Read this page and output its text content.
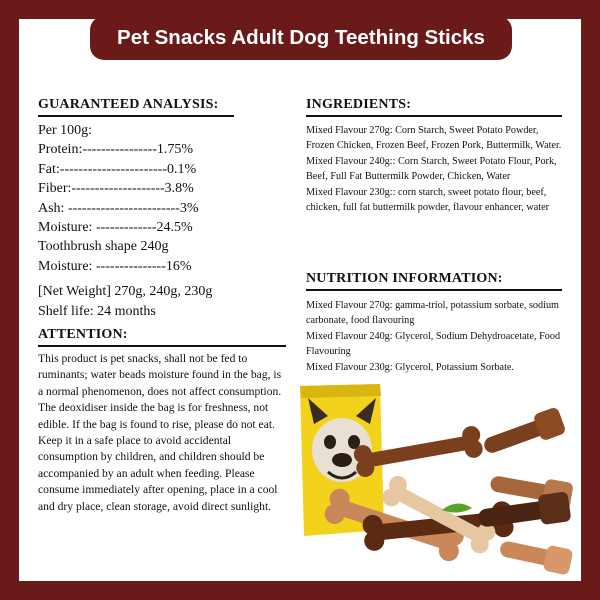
Pet Snacks Adult Dog Teething Sticks
GUARANTEED ANALYSIS:
Per 100g:
Protein:----------------1.75%
Fat:-----------------------0.1%
Fiber:--------------------3.8%
Ash: ------------------------3%
Moisture: -------------24.5%
Toothbrush shape 240g
Moisture: ---------------16%
[Net Weight] 270g, 240g, 230g
Shelf life: 24 months
ATTENTION:
This product is pet snacks, shall not be fed to ruminants; water beads moisture found in the bag, is a normal phenomenon, does not affect consumption. The deoxidiser inside the bag is for freshness, not edible. If the bag is found to rise, please do not eat. Keep it in a safe place to avoid accidental consumption by children, and children should be accompanied by an adult when feeding. Please consume immediately after opening, place in a cool and dry place, clean storage, avoid direct sunlight.
INGREDIENTS:
Mixed Flavour 270g: Corn Starch, Sweet Potato Powder, Frozen Chicken, Frozen Beef, Frozen Pork, Buttermilk, Water.
Mixed Flavour 240g:: Corn Starch, Sweet Potato Flour, Pork, Beef, Full Fat Buttermilk Powder, Chicken, Water
Mixed Flavour 230g:: corn starch, sweet potato flour, beef, chicken, full fat buttermilk powder, flavour enhancer, water
NUTRITION INFORMATION:
Mixed Flavour 270g: gamma-triol, potassium sorbate, sodium carbonate, food flavouring
Mixed Flavour 240g: Glycerol, Sodium Dehydroacetate, Food Flavouring
Mixed Flavour 230g: Glycerol, Potassium Sorbate.
